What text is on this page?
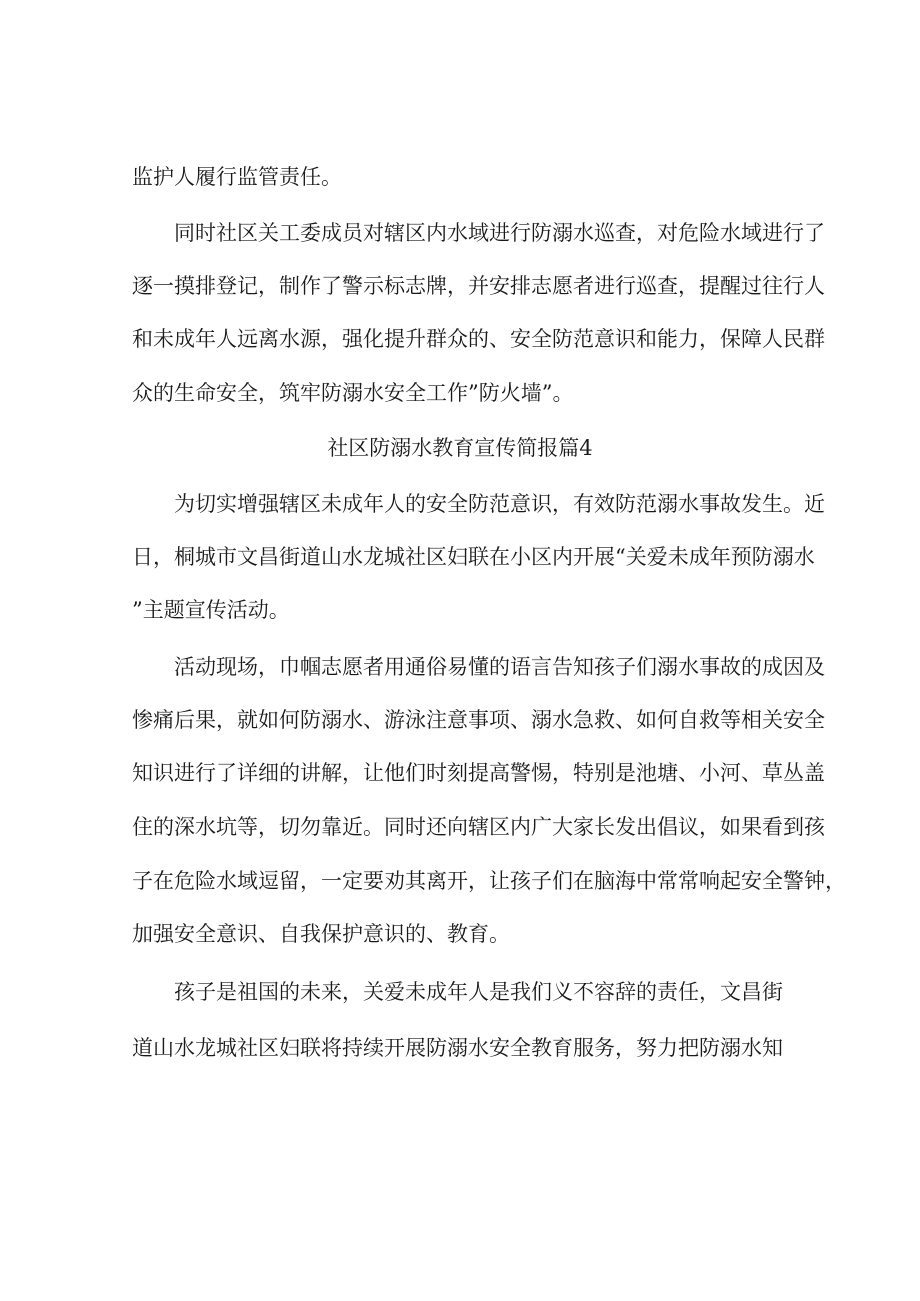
监护人履行监管责任。
同时社区关工委成员对辖区内水域进行防溺水巡查，对危险水域进行了
逐一摸排登记，制作了警示标志牌，并安排志愿者进行巡查，提醒过往行人
和未成年人远离水源，强化提升群众的、安全防范意识和能力，保障人民群
众的生命安全，筑牢防溺水安全工作”防火墙”。
社区防溺水教育宣传简报篇4
为切实增强辖区未成年人的安全防范意识，有效防范溺水事故发生。近
日，桐城市文昌街道山水龙城社区妇联在小区内开展“关爱未成年预防溺水
”主题宣传活动。
活动现场，巾帼志愿者用通俗易懂的语言告知孩子们溺水事故的成因及
惨痛后果，就如何防溺水、游泳注意事项、溺水急救、如何自救等相关安全
知识进行了详细的讲解，让他们时刻提高警惕，特别是池塘、小河、草丛盖
住的深水坑等，切勿靠近。同时还向辖区内广大家长发出倡议，如果看到孩
子在危险水域逗留，一定要劝其离开，让孩子们在脑海中常常响起安全警钟，
加强安全意识、自我保护意识的、教育。
孩子是祖国的未来，关爱未成年人是我们义不容辞的责任，文昌街
道山水龙城社区妇联将持续开展防溺水安全教育服务，努力把防溺水知
